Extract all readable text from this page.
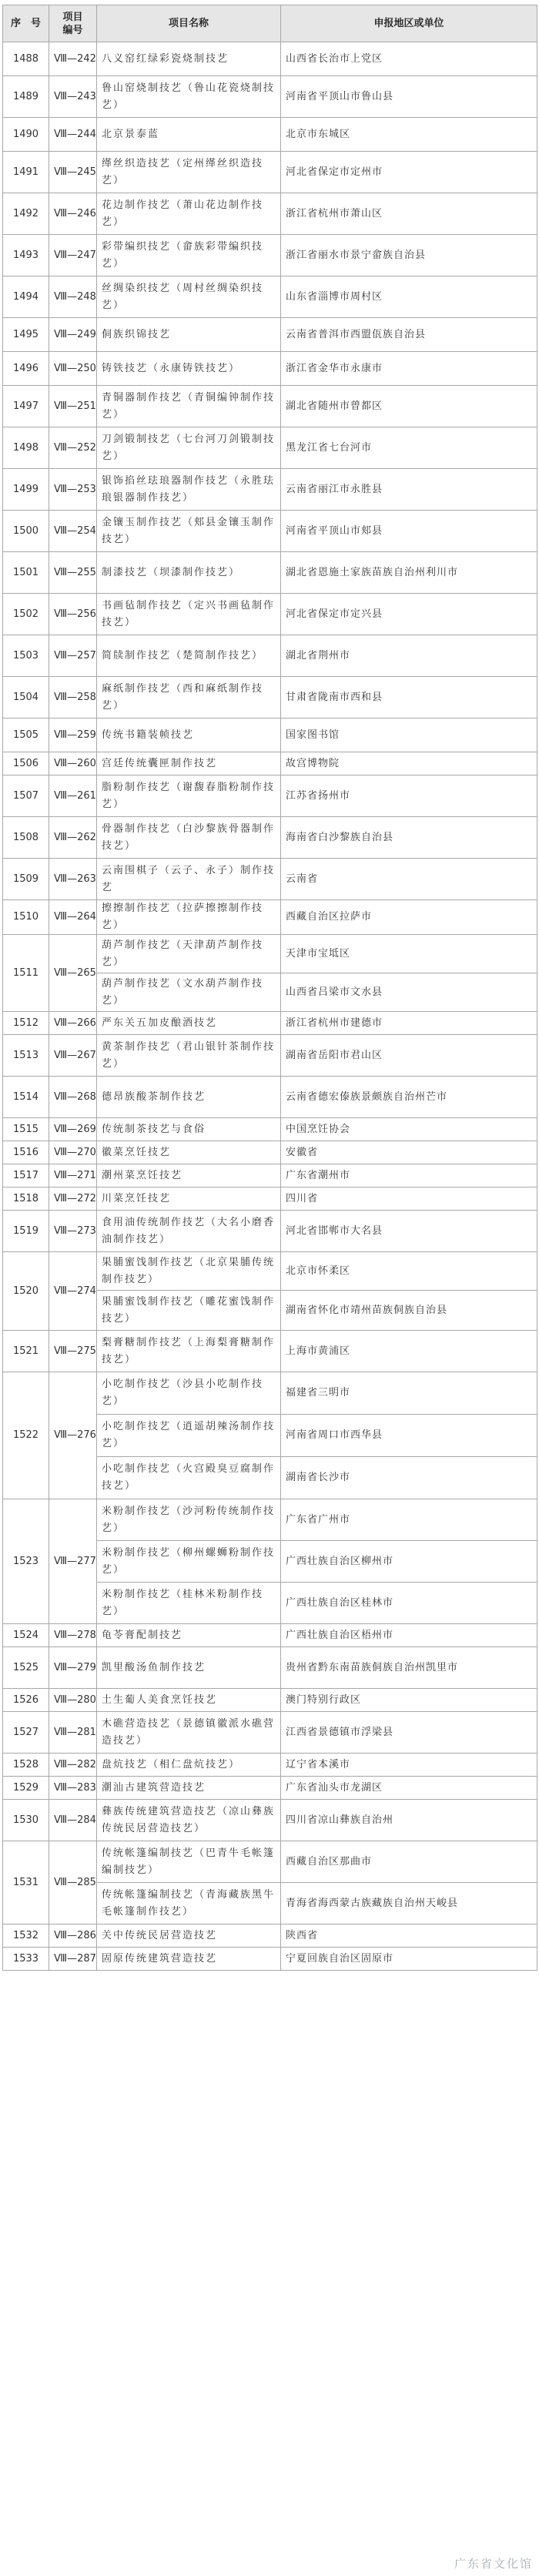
序　号	项目
编号	项目名称	申报地区或单位
1488	Ⅷ—242	八义窑红绿彩瓷烧制技艺	山西省长治市上党区
1489	Ⅷ—243	鲁山窑烧制技艺（鲁山花瓷烧制技艺）	河南省平顶山市鲁山县
1490	Ⅷ—244	北京景泰蓝	北京市东城区
1491	Ⅷ—245	缂丝织造技艺（定州缂丝织造技艺）	河北省保定市定州市
1492	Ⅷ—246	花边制作技艺（萧山花边制作技艺）	浙江省杭州市萧山区
1493	Ⅷ—247	彩带编织技艺（畲族彩带编织技艺）	浙江省丽水市景宁畲族自治县
1494	Ⅷ—248	丝绸染织技艺（周村丝绸染织技艺）	山东省淄博市周村区
1495	Ⅷ—249	侗族织锦技艺	云南省普洱市西盟佤族自治县
1496	Ⅷ—250	铸铁技艺（永康铸铁技艺）	浙江省金华市永康市
1497	Ⅷ—251	青铜器制作技艺（青铜编钟制作技艺）	湖北省随州市曾都区
1498	Ⅷ—252	刀剑锻制技艺（七台河刀剑锻制技艺）	黑龙江省七台河市
1499	Ⅷ—253	银饰掐丝珐琅器制作技艺（永胜珐琅银器制作技艺）	云南省丽江市永胜县
1500	Ⅷ—254	金镶玉制作技艺（郏县金镶玉制作技艺）	河南省平顶山市郏县
1501	Ⅷ—255	制漆技艺（坝漆制作技艺）	湖北省恩施土家族苗族自治州利川市
1502	Ⅷ—256	书画毡制作技艺（定兴书画毡制作技艺）	河北省保定市定兴县
1503	Ⅷ—257	简牍制作技艺（楚简制作技艺）	湖北省荆州市
1504	Ⅷ—258	麻纸制作技艺（西和麻纸制作技艺）	甘肃省陇南市西和县
1505	Ⅷ—259	传统书籍装帧技艺	国家图书馆
1506	Ⅷ—260	宫廷传统囊匣制作技艺	故宫博物院
1507	Ⅷ—261	脂粉制作技艺（谢馥春脂粉制作技艺）	江苏省扬州市
1508	Ⅷ—262	骨器制作技艺（白沙黎族骨器制作技艺）	海南省白沙黎族自治县
1509	Ⅷ—263	云南围棋子（云子、永子）制作技艺	云南省
1510	Ⅷ—264	擦擦制作技艺（拉萨擦擦制作技艺）	西藏自治区拉萨市
1511	Ⅷ—265	葫芦制作技艺（天津葫芦制作技艺）	天津市宝坻区
		葫芦制作技艺（文水葫芦制作技艺）	山西省吕梁市文水县
1512	Ⅷ—266	严东关五加皮酿酒技艺	浙江省杭州市建德市
1513	Ⅷ—267	黄茶制作技艺（君山银针茶制作技艺）	湖南省岳阳市君山区
1514	Ⅷ—268	德昂族酸茶制作技艺	云南省德宏傣族景颇族自治州芒市
1515	Ⅷ—269	传统制茶技艺与食俗	中国烹饪协会
1516	Ⅷ—270	徽菜烹饪技艺	安徽省
1517	Ⅷ—271	潮州菜烹饪技艺	广东省潮州市
1518	Ⅷ—272	川菜烹饪技艺	四川省
1519	Ⅷ—273	食用油传统制作技艺（大名小磨香油制作技艺）	河北省邯郸市大名县
1520	Ⅷ—274	果脯蜜饯制作技艺（北京果脯传统制作技艺）	北京市怀柔区
		果脯蜜饯制作技艺（雕花蜜饯制作技艺）	湖南省怀化市靖州苗族侗族自治县
1521	Ⅷ—275	梨膏糖制作技艺（上海梨膏糖制作技艺）	上海市黄浦区
1522	Ⅷ—276	小吃制作技艺（沙县小吃制作技艺）	福建省三明市
		小吃制作技艺（逍遥胡辣汤制作技艺）	河南省周口市西华县
		小吃制作技艺（火宫殿臭豆腐制作技艺）	湖南省长沙市
1523	Ⅷ—277	米粉制作技艺（沙河粉传统制作技艺）	广东省广州市
		米粉制作技艺（柳州螺蛳粉制作技艺）	广西壮族自治区柳州市
		米粉制作技艺（桂林米粉制作技艺）	广西壮族自治区桂林市
1524	Ⅷ—278	龟苓膏配制技艺	广西壮族自治区梧州市
1525	Ⅷ—279	凯里酸汤鱼制作技艺	贵州省黔东南苗族侗族自治州凯里市
1526	Ⅷ—280	土生葡人美食烹饪技艺	澳门特别行政区
1527	Ⅷ—281	木礁营造技艺（景德镇徽派水礁营造技艺）	江西省景德镇市浮梁县
1528	Ⅷ—282	盘炕技艺（相仁盘炕技艺）	辽宁省本溪市
1529	Ⅷ—283	潮汕古建筑营造技艺	广东省汕头市龙湖区
1530	Ⅷ—284	彝族传统建筑营造技艺（凉山彝族传统民居营造技艺）	四川省凉山彝族自治州
1531	Ⅷ—285	传统帐篷编制技艺（巴青牛毛帐篷编制技艺）	西藏自治区那曲市
		传统帐篷编制技艺（青海藏族黑牛毛帐篷制作技艺）	青海省海西蒙古族藏族自治州天峻县
1532	Ⅷ—286	关中传统民居营造技艺	陕西省
1533	Ⅷ—287	固原传统建筑营造技艺	宁夏回族自治区固原市
广东省文化馆
